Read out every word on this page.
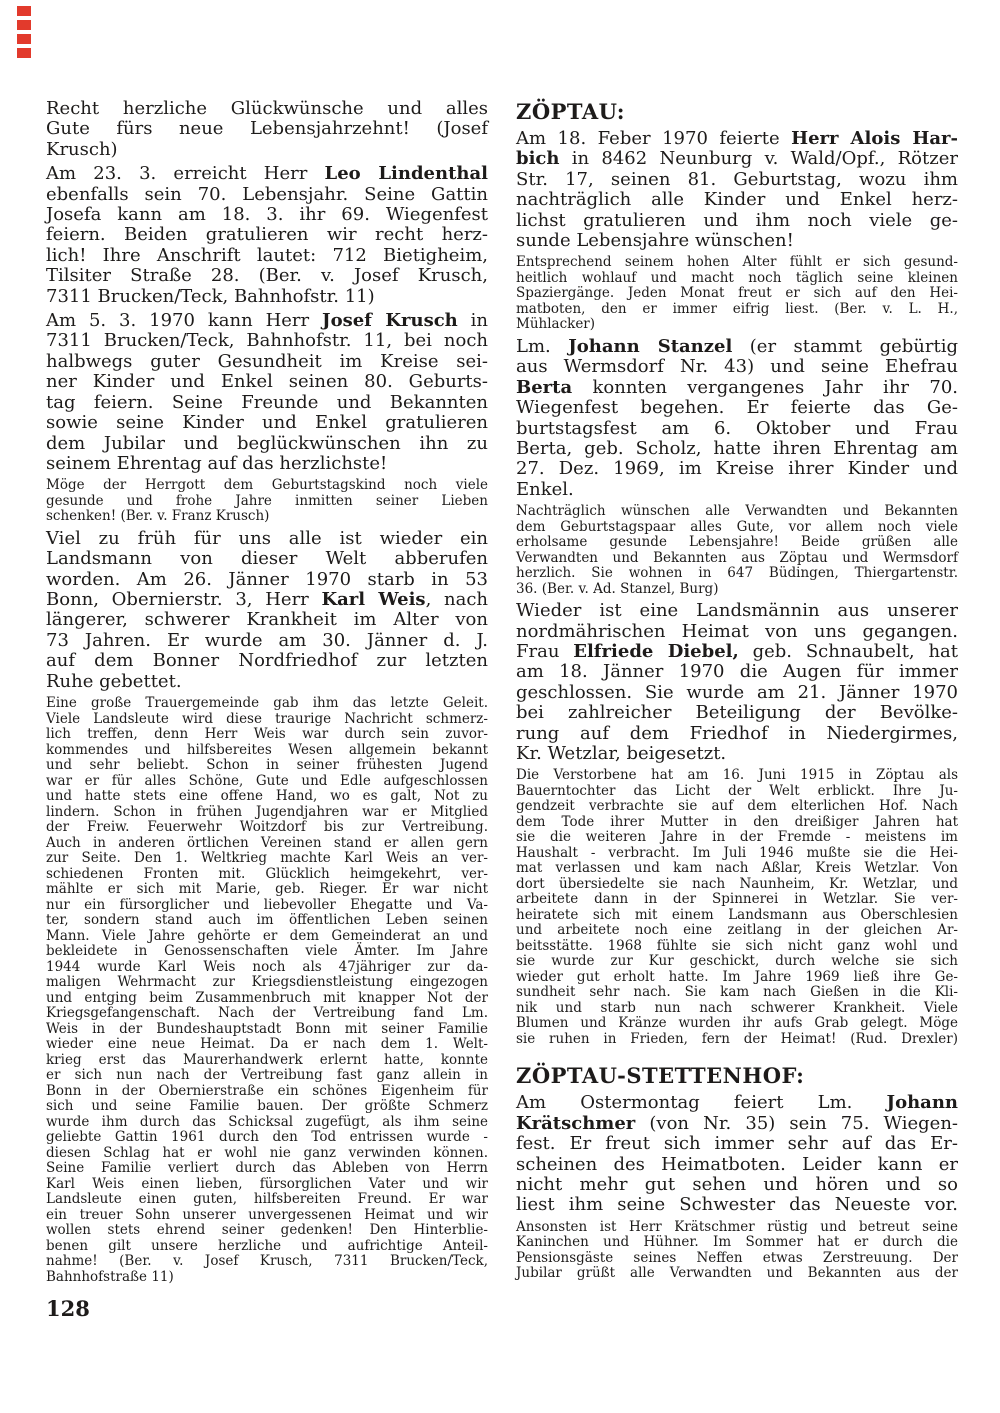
Recht herzliche Glückwünsche und alles
Gute fürs neue Lebensjahrzehnt! (Josef
Krusch)
Am 23. 3. erreicht Herr Leo Lindenthal
ebenfalls sein 70. Lebensjahr. Seine Gattin
Josefa kann am 18. 3. ihr 69. Wiegenfest
feiern. Beiden gratulieren wir recht herz-
lich! Ihre Anschrift lautet: 712 Bietigheim,
Tilsiter Straße 28. (Ber. v. Josef Krusch,
7311 Brucken/Teck, Bahnhofstr. 11)
Am 5. 3. 1970 kann Herr Josef Krusch in
7311 Brucken/Teck, Bahnhofstr. 11, bei noch
halbwegs guter Gesundheit im Kreise sei-
ner Kinder und Enkel seinen 80. Geburts-
tag feiern. Seine Freunde und Bekannten
sowie seine Kinder und Enkel gratulieren
dem Jubilar und beglückwünschen ihn zu
seinem Ehrentag auf das herzlichste!
Möge der Herrgott dem Geburtstagskind noch viele
gesunde und frohe Jahre inmitten seiner Lieben
schenken! (Ber. v. Franz Krusch)
Viel zu früh für uns alle ist wieder ein
Landsmann von dieser Welt abberufen
worden. Am 26. Jänner 1970 starb in 53
Bonn, Obernierstr. 3, Herr Karl Weis, nach
längerer, schwerer Krankheit im Alter von
73 Jahren. Er wurde am 30. Jänner d. J.
auf dem Bonner Nordfriedhof zur letzten
Ruhe gebettet.
Eine große Trauergemeinde gab ihm das letzte Geleit.
Viele Landsleute wird diese traurige Nachricht schmerz-
lich treffen, denn Herr Weis war durch sein zuvor-
kommendes und hilfsbereites Wesen allgemein bekannt
und sehr beliebt. Schon in seiner frühesten Jugend
war er für alles Schöne, Gute und Edle aufgeschlossen
und hatte stets eine offene Hand, wo es galt, Not zu
lindern. Schon in frühen Jugendjahren war er Mitglied
der Freiw. Feuerwehr Woitzdorf bis zur Vertreibung.
Auch in anderen örtlichen Vereinen stand er allen gern
zur Seite. Den 1. Weltkrieg machte Karl Weis an ver-
schiedenen Fronten mit. Glücklich heimgekehrt, ver-
mählte er sich mit Marie, geb. Rieger. Er war nicht
nur ein fürsorglicher und liebevoller Ehegatte und Va-
ter, sondern stand auch im öffentlichen Leben seinen
Mann. Viele Jahre gehörte er dem Gemeinderat an und
bekleidete in Genossenschaften viele Ämter. Im Jahre
1944 wurde Karl Weis noch als 47jähriger zur da-
maligen Wehrmacht zur Kriegsdienstleistung eingezogen
und entging beim Zusammenbruch mit knapper Not der
Kriegsgefangenschaft. Nach der Vertreibung fand Lm.
Weis in der Bundeshauptstadt Bonn mit seiner Familie
wieder eine neue Heimat. Da er nach dem 1. Welt-
krieg erst das Maurerhandwerk erlernt hatte, konnte
er sich nun nach der Vertreibung fast ganz allein in
Bonn in der Obernierstraße ein schönes Eigenheim für
sich und seine Familie bauen. Der größte Schmerz
wurde ihm durch das Schicksal zugefügt, als ihm seine
geliebte Gattin 1961 durch den Tod entrissen wurde -
diesen Schlag hat er wohl nie ganz verwinden können.
Seine Familie verliert durch das Ableben von Herrn
Karl Weis einen lieben, fürsorglichen Vater und wir
Landsleute einen guten, hilfsbereiten Freund. Er war
ein treuer Sohn unserer unvergessenen Heimat und wir
wollen stets ehrend seiner gedenken! Den Hinterblie-
benen gilt unsere herzliche und aufrichtige Anteil-
nahme! (Ber. v. Josef Krusch, 7311 Brucken/Teck,
Bahnhofstraße 11)
ZÖPTAU:
Am 18. Feber 1970 feierte Herr Alois Har-
bich in 8462 Neunburg v. Wald/Opf., Rötzer
Str. 17, seinen 81. Geburtstag, wozu ihm
nachträglich alle Kinder und Enkel herz-
lichst gratulieren und ihm noch viele ge-
sunde Lebensjahre wünschen!
Entsprechend seinem hohen Alter fühlt er sich gesund-
heitlich wohlauf und macht noch täglich seine kleinen
Spaziergänge. Jeden Monat freut er sich auf den Hei-
matboten, den er immer eifrig liest. (Ber. v. L. H.,
Mühlacker)
Lm. Johann Stanzel (er stammt gebürtig
aus Wermsdorf Nr. 43) und seine Ehefrau
Berta konnten vergangenes Jahr ihr 70.
Wiegenfest begehen. Er feierte das Ge-
burtstagsfest am 6. Oktober und Frau
Berta, geb. Scholz, hatte ihren Ehrentag am
27. Dez. 1969, im Kreise ihrer Kinder und
Enkel.
Nachträglich wünschen alle Verwandten und Bekannten
dem Geburtstagspaar alles Gute, vor allem noch viele
erholsame gesunde Lebensjahre! Beide grüßen alle
Verwandten und Bekannten aus Zöptau und Wermsdorf
herzlich. Sie wohnen in 647 Büdingen, Thiergartenstr.
36. (Ber. v. Ad. Stanzel, Burg)
Wieder ist eine Landsmännin aus unserer
nordmährischen Heimat von uns gegangen.
Frau Elfriede Diebel, geb. Schnaubelt, hat
am 18. Jänner 1970 die Augen für immer
geschlossen. Sie wurde am 21. Jänner 1970
bei zahlreicher Beteiligung der Bevölke-
rung auf dem Friedhof in Niedergirmes,
Kr. Wetzlar, beigesetzt.
Die Verstorbene hat am 16. Juni 1915 in Zöptau als
Bauerntochter das Licht der Welt erblickt. Ihre Ju-
gendzeit verbrachte sie auf dem elterlichen Hof. Nach
dem Tode ihrer Mutter in den dreißiger Jahren hat
sie die weiteren Jahre in der Fremde - meistens im
Haushalt - verbracht. Im Juli 1946 mußte sie die Hei-
mat verlassen und kam nach Aßlar, Kreis Wetzlar. Von
dort übersiedelte sie nach Naunheim, Kr. Wetzlar, und
arbeitete dann in der Spinnerei in Wetzlar. Sie ver-
heiratete sich mit einem Landsmann aus Oberschlesien
und arbeitete noch eine zeitlang in der gleichen Ar-
beitsstätte. 1968 fühlte sie sich nicht ganz wohl und
sie wurde zur Kur geschickt, durch welche sie sich
wieder gut erholt hatte. Im Jahre 1969 ließ ihre Ge-
sundheit sehr nach. Sie kam nach Gießen in die Kli-
nik und starb nun nach schwerer Krankheit. Viele
Blumen und Kränze wurden ihr aufs Grab gelegt. Möge
sie ruhen in Frieden, fern der Heimat! (Rud. Drexler)
ZÖPTAU-STETTENHOF:
Am Ostermontag feiert Lm. Johann
Krätschmer (von Nr. 35) sein 75. Wiegen-
fest. Er freut sich immer sehr auf das Er-
scheinen des Heimatboten. Leider kann er
nicht mehr gut sehen und hören und so
liest ihm seine Schwester das Neueste vor.
Ansonsten ist Herr Krätschmer rüstig und betreut seine
Kaninchen und Hühner. Im Sommer hat er durch die
Pensionsgäste seines Neffen etwas Zerstreuung. Der
Jubilar grüßt alle Verwandten und Bekannten aus der
128
